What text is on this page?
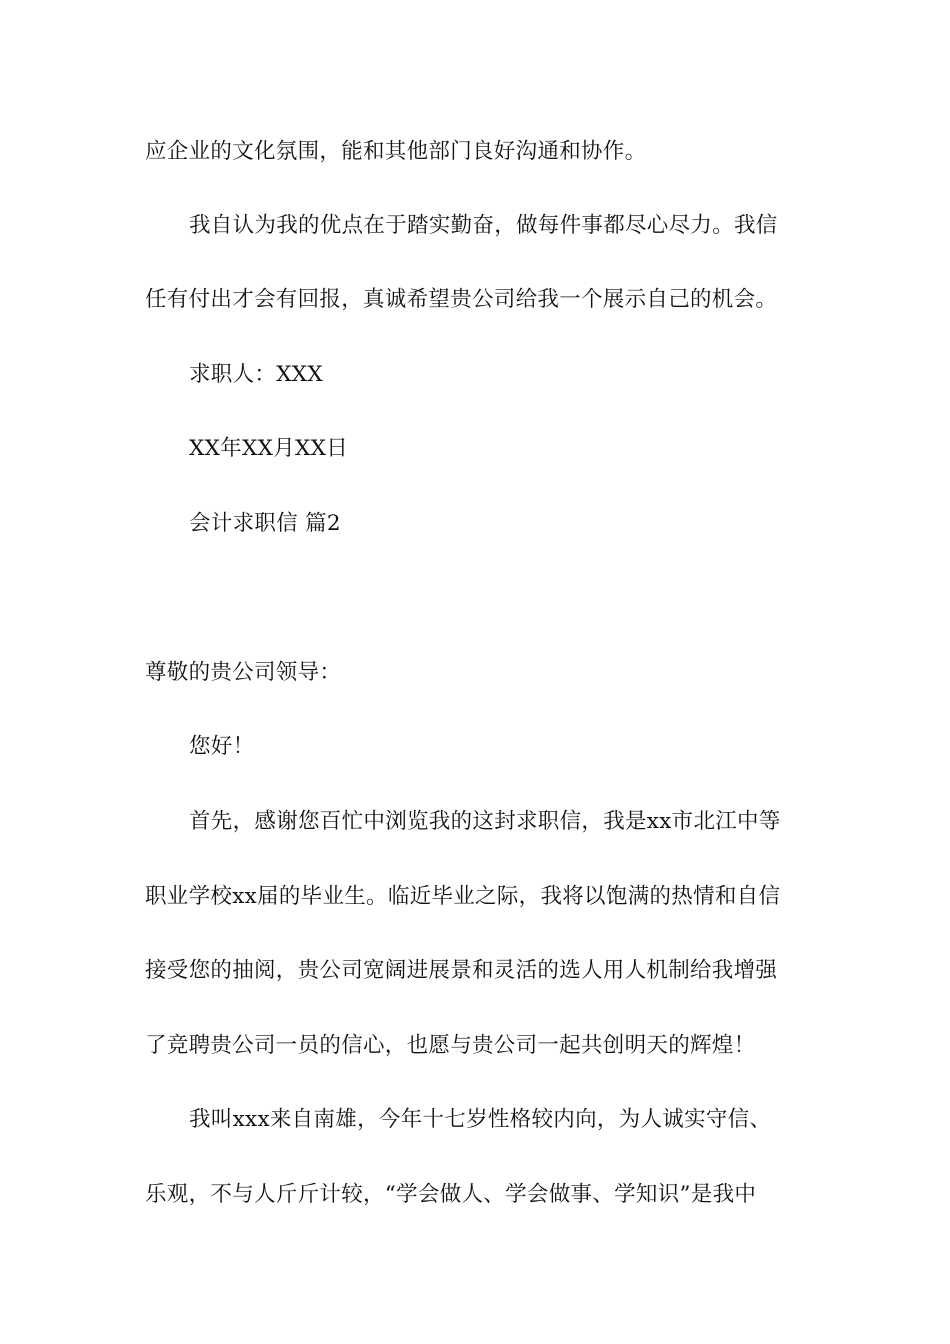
应企业的文化氛围，能和其他部门良好沟通和协作。
我自认为我的优点在于踏实勤奋，做每件事都尽心尽力。我信
任有付出才会有回报，真诚希望贵公司给我一个展示自己的机会。
求职人：XXX
XX年XX月XX日
会计求职信 篇2
尊敬的贵公司领导：
您好！
首先，感谢您百忙中浏览我的这封求职信，我是xx市北江中等
职业学校xx届的毕业生。临近毕业之际，我将以饱满的热情和自信
接受您的抽阅，贵公司宽阔进展景和灵活的选人用人机制给我增强
了竞聘贵公司一员的信心，也愿与贵公司一起共创明天的辉煌！
我叫xxx来自南雄，今年十七岁性格较内向，为人诚实守信、
乐观，不与人斤斤计较，“学会做人、学会做事、学知识”是我中
